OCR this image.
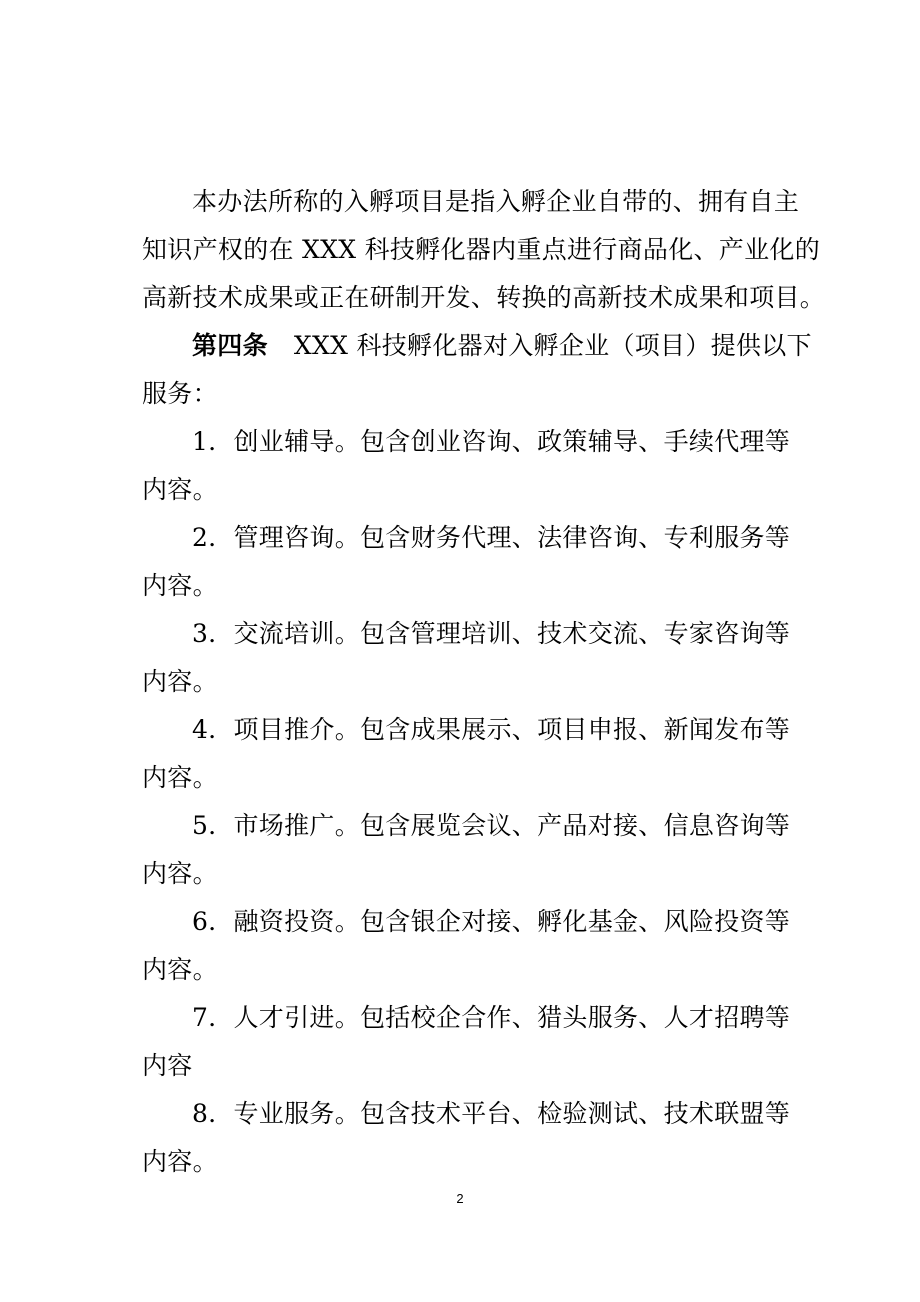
本办法所称的入孵项目是指入孵企业自带的、拥有自主
知识产权的在 XXX 科技孵化器内重点进行商品化、产业化的
高新技术成果或正在研制开发、转换的高新技术成果和项目。
第四条 XXX 科技孵化器对入孵企业（项目）提供以下
服务：
1．创业辅导。包含创业咨询、政策辅导、手续代理等
内容。
2．管理咨询。包含财务代理、法律咨询、专利服务等
内容。
3．交流培训。包含管理培训、技术交流、专家咨询等
内容。
4．项目推介。包含成果展示、项目申报、新闻发布等
内容。
5．市场推广。包含展览会议、产品对接、信息咨询等
内容。
6．融资投资。包含银企对接、孵化基金、风险投资等
内容。
7．人才引进。包括校企合作、猎头服务、人才招聘等
内容
8．专业服务。包含技术平台、检验测试、技术联盟等
内容。
2
